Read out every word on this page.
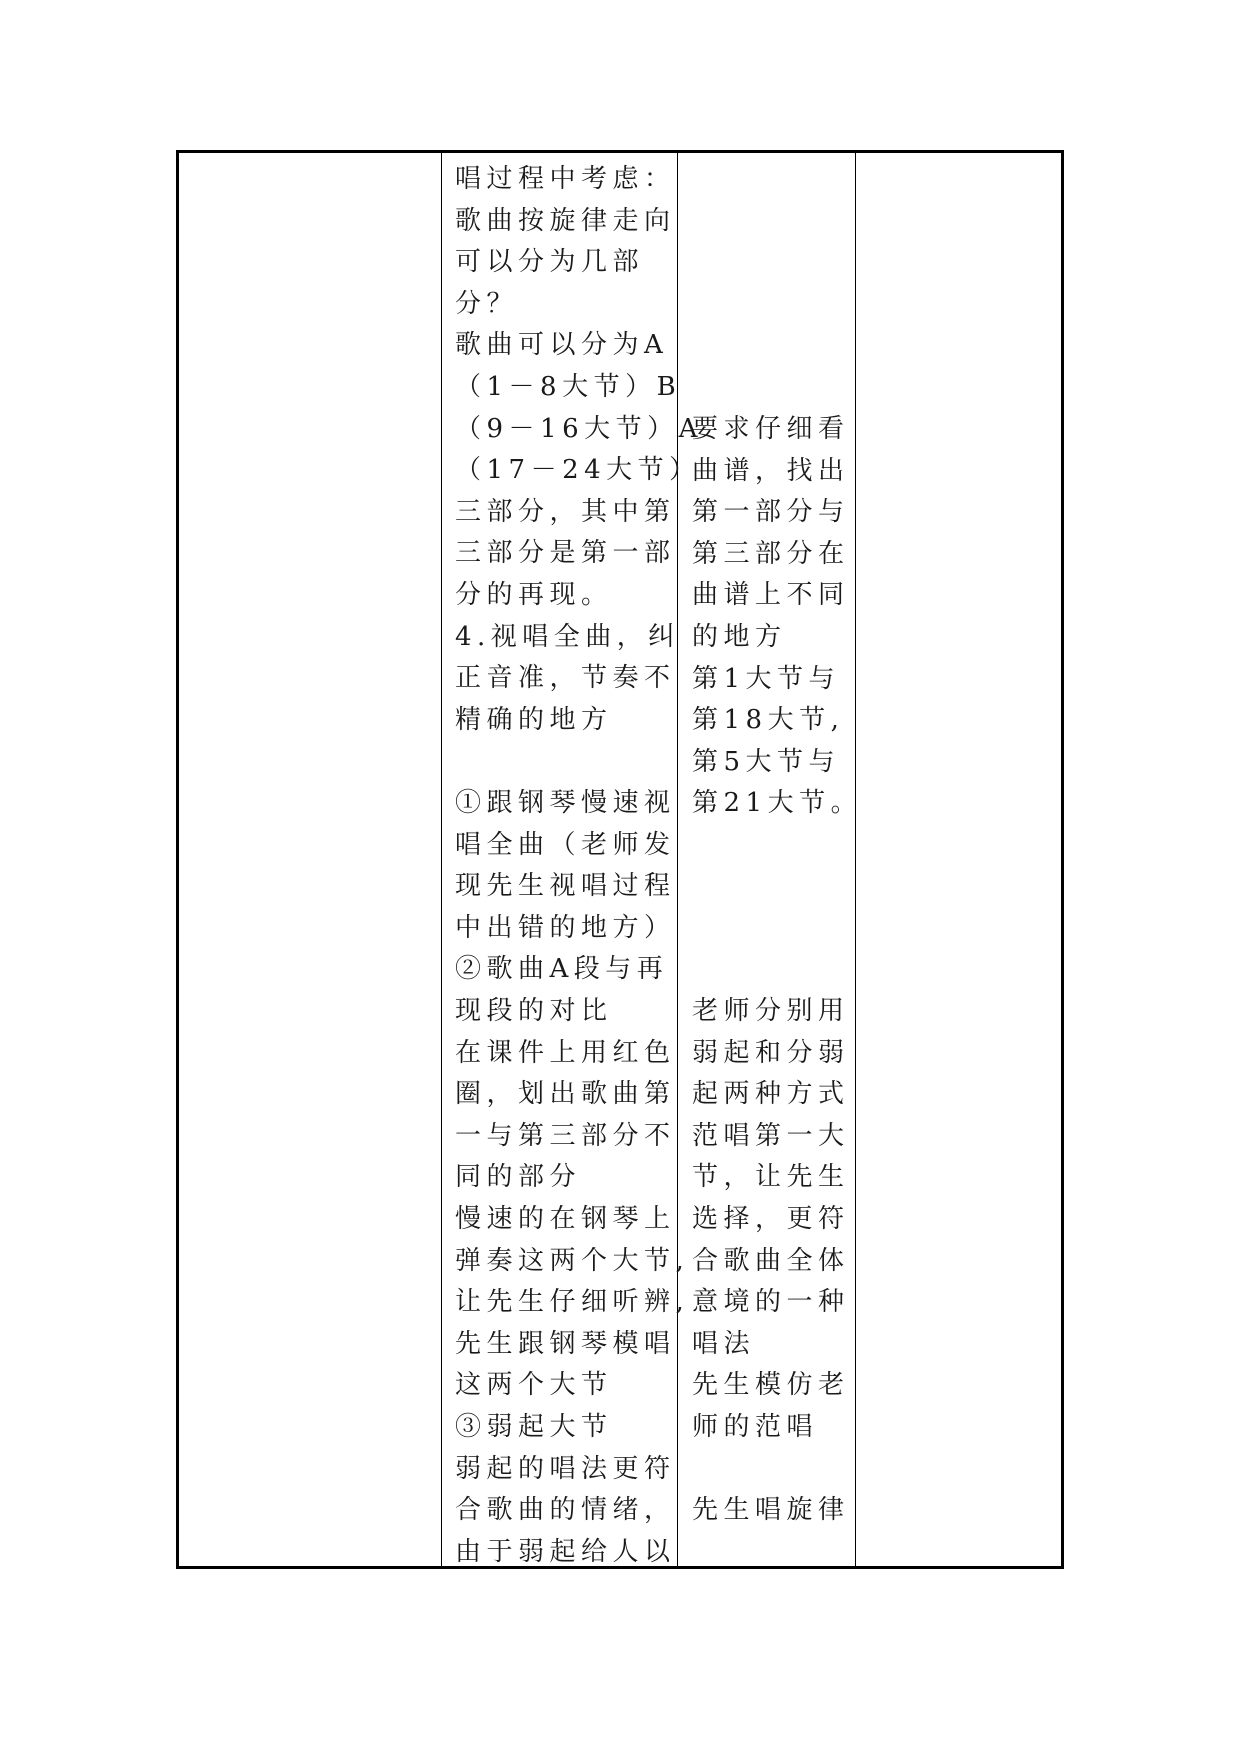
唱过程中考虑：
歌曲按旋律走向
可以分为几部
分？
歌曲可以分为A
（1－8大节）B
（9－16大节）A
（17－24大节）
三部分，其中第
三部分是第一部
分的再现。
4.视唱全曲，纠
正音准，节奏不
精确的地方
①跟钢琴慢速视
唱全曲（老师发
现先生视唱过程
中出错的地方）
②歌曲A段与再
现段的对比
在课件上用红色
圈，划出歌曲第
一与第三部分不
同的部分
慢速的在钢琴上
弹奏这两个大节,
让先生仔细听辨,
先生跟钢琴模唱
这两个大节
③弱起大节
弱起的唱法更符
合歌曲的情绪，
由于弱起给人以

要求仔细看
曲谱，找出
第一部分与
第三部分在
曲谱上不同
的地方
第1大节与
第18大节,
第5大节与
第21大节。
老师分别用
弱起和分弱
起两种方式
范唱第一大
节，让先生
选择，更符
合歌曲全体
意境的一种
唱法
先生模仿老
师的范唱
先生唱旋律
